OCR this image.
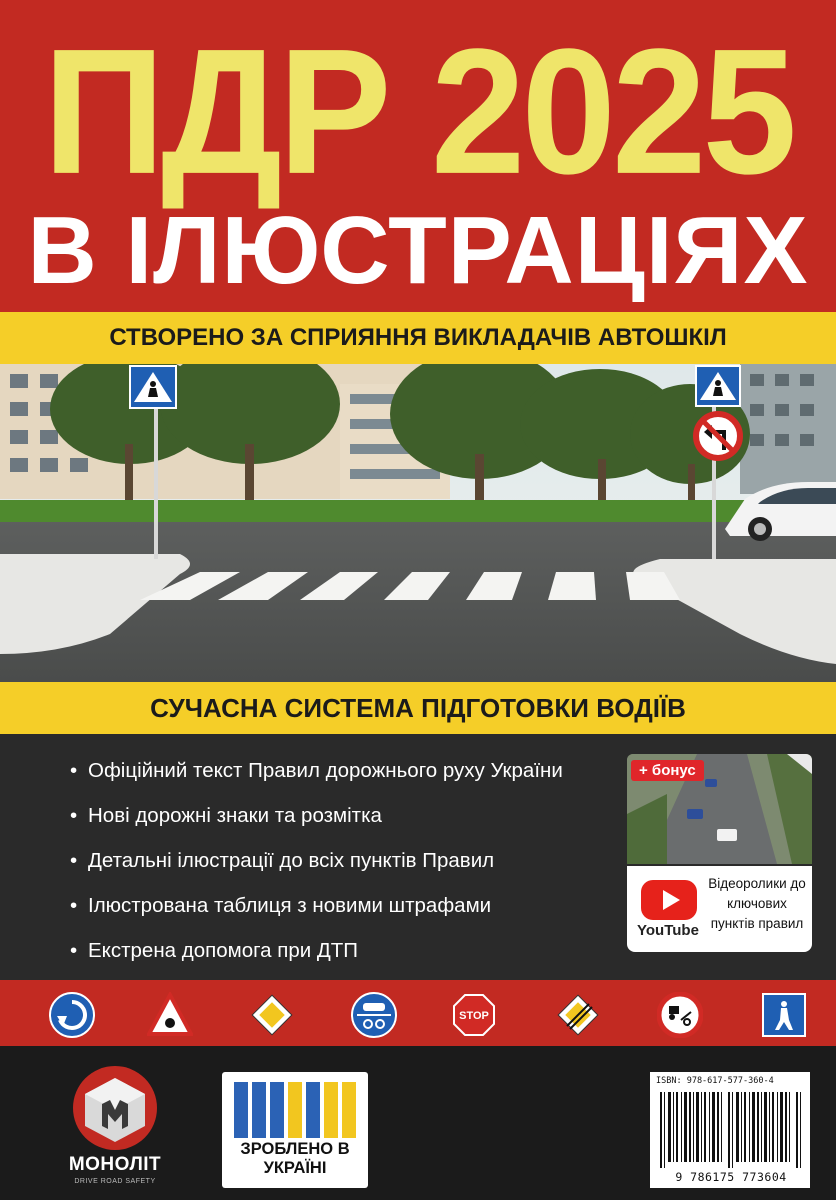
ПДР 2025
В ІЛЮСТРАЦІЯХ
СТВОРЕНО ЗА СПРИЯННЯ ВИКЛАДАЧІВ АВТОШКІЛ
СУЧАСНА СИСТЕМА ПІДГОТОВКИ ВОДІЇВ
• Офіційний текст Правил дорожнього руху України
• Нові дорожні знаки та розмітка
• Детальні ілюстрації до всіх пунктів Правил
• Ілюстрована таблиця з новими штрафами
• Екстрена допомога при ДТП
+ бонус
YouTube
Відеоролики до ключових пунктів правил
STOP
МОНОЛІТ
DRIVE ROAD SAFETY
ЗРОБЛЕНО В УКРАЇНІ
ISBN: 978-617-577-360-4
9 786175 773604
